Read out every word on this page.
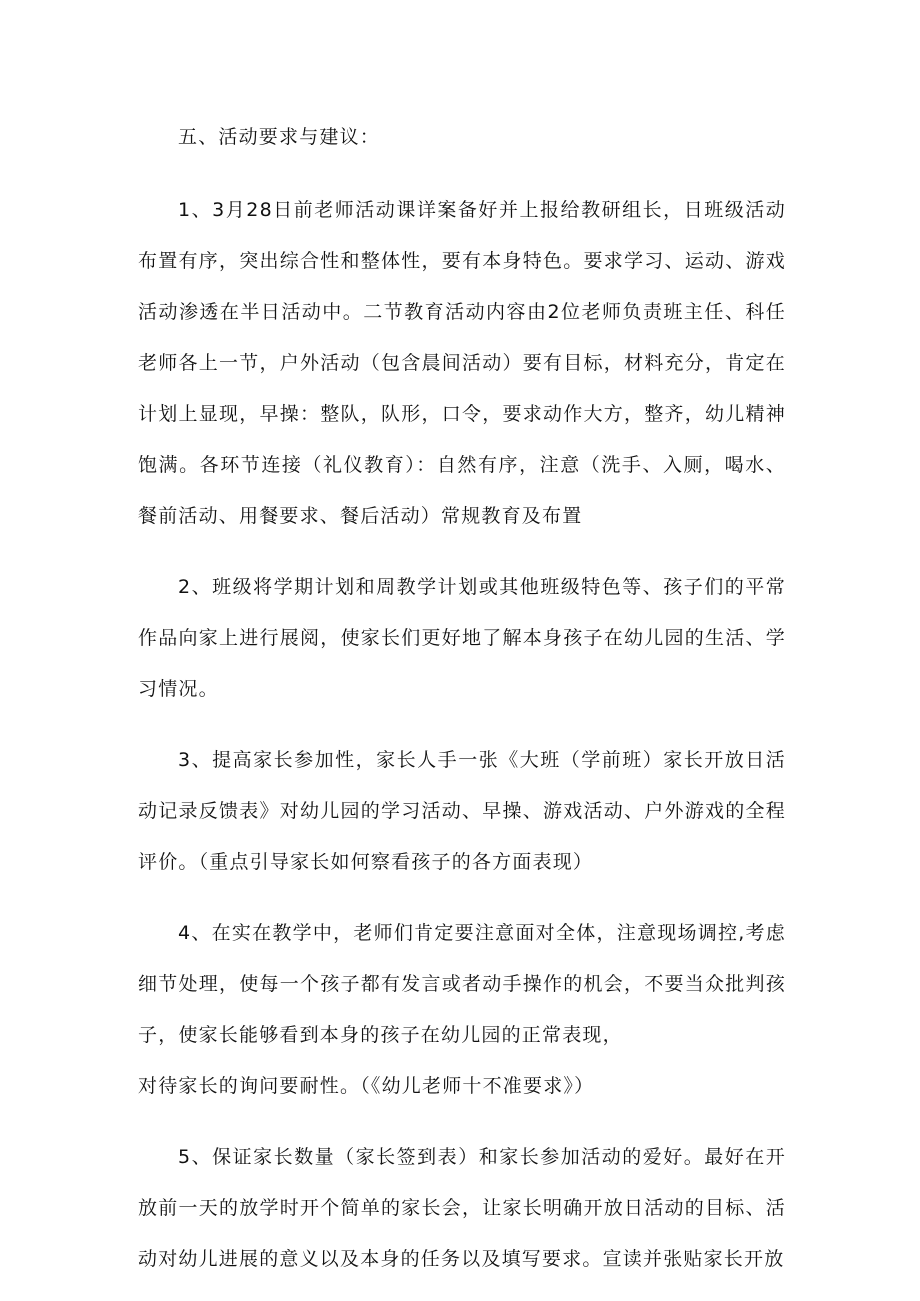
五、活动要求与建议：

1、3月28日前老师活动课详案备好并上报给教研组长，日班级活动布置有序，突出综合性和整体性，要有本身特色。要求学习、运动、游戏活动渗透在半日活动中。二节教育活动内容由2位老师负责班主任、科任老师各上一节，户外活动（包含晨间活动）要有目标，材料充分，肯定在计划上显现，早操：整队，队形，口令，要求动作大方，整齐，幼儿精神饱满。各环节连接（礼仪教育）：自然有序，注意（洗手、入厕，喝水、餐前活动、用餐要求、餐后活动）常规教育及布置

2、班级将学期计划和周教学计划或其他班级特色等、孩子们的平常作品向家上进行展阅，使家长们更好地了解本身孩子在幼儿园的生活、学习情况。

3、提高家长参加性，家长人手一张《大班（学前班）家长开放日活动记录反馈表》对幼儿园的学习活动、早操、游戏活动、户外游戏的全程评价。（重点引导家长如何察看孩子的各方面表现）

4、在实在教学中，老师们肯定要注意面对全体，注意现场调控,考虑细节处理，使每一个孩子都有发言或者动手操作的机会，不要当众批判孩子，使家长能够看到本身的孩子在幼儿园的正常表现，

对待家长的询问要耐性。（《幼儿老师十不准要求》）

5、保证家长数量（家长签到表）和家长参加活动的爱好。最好在开放前一天的放学时开个简单的家长会，让家长明确开放日活动的目标、活动对幼儿进展的意义以及本身的任务以及填写要求。宣读并张贴家长开放
